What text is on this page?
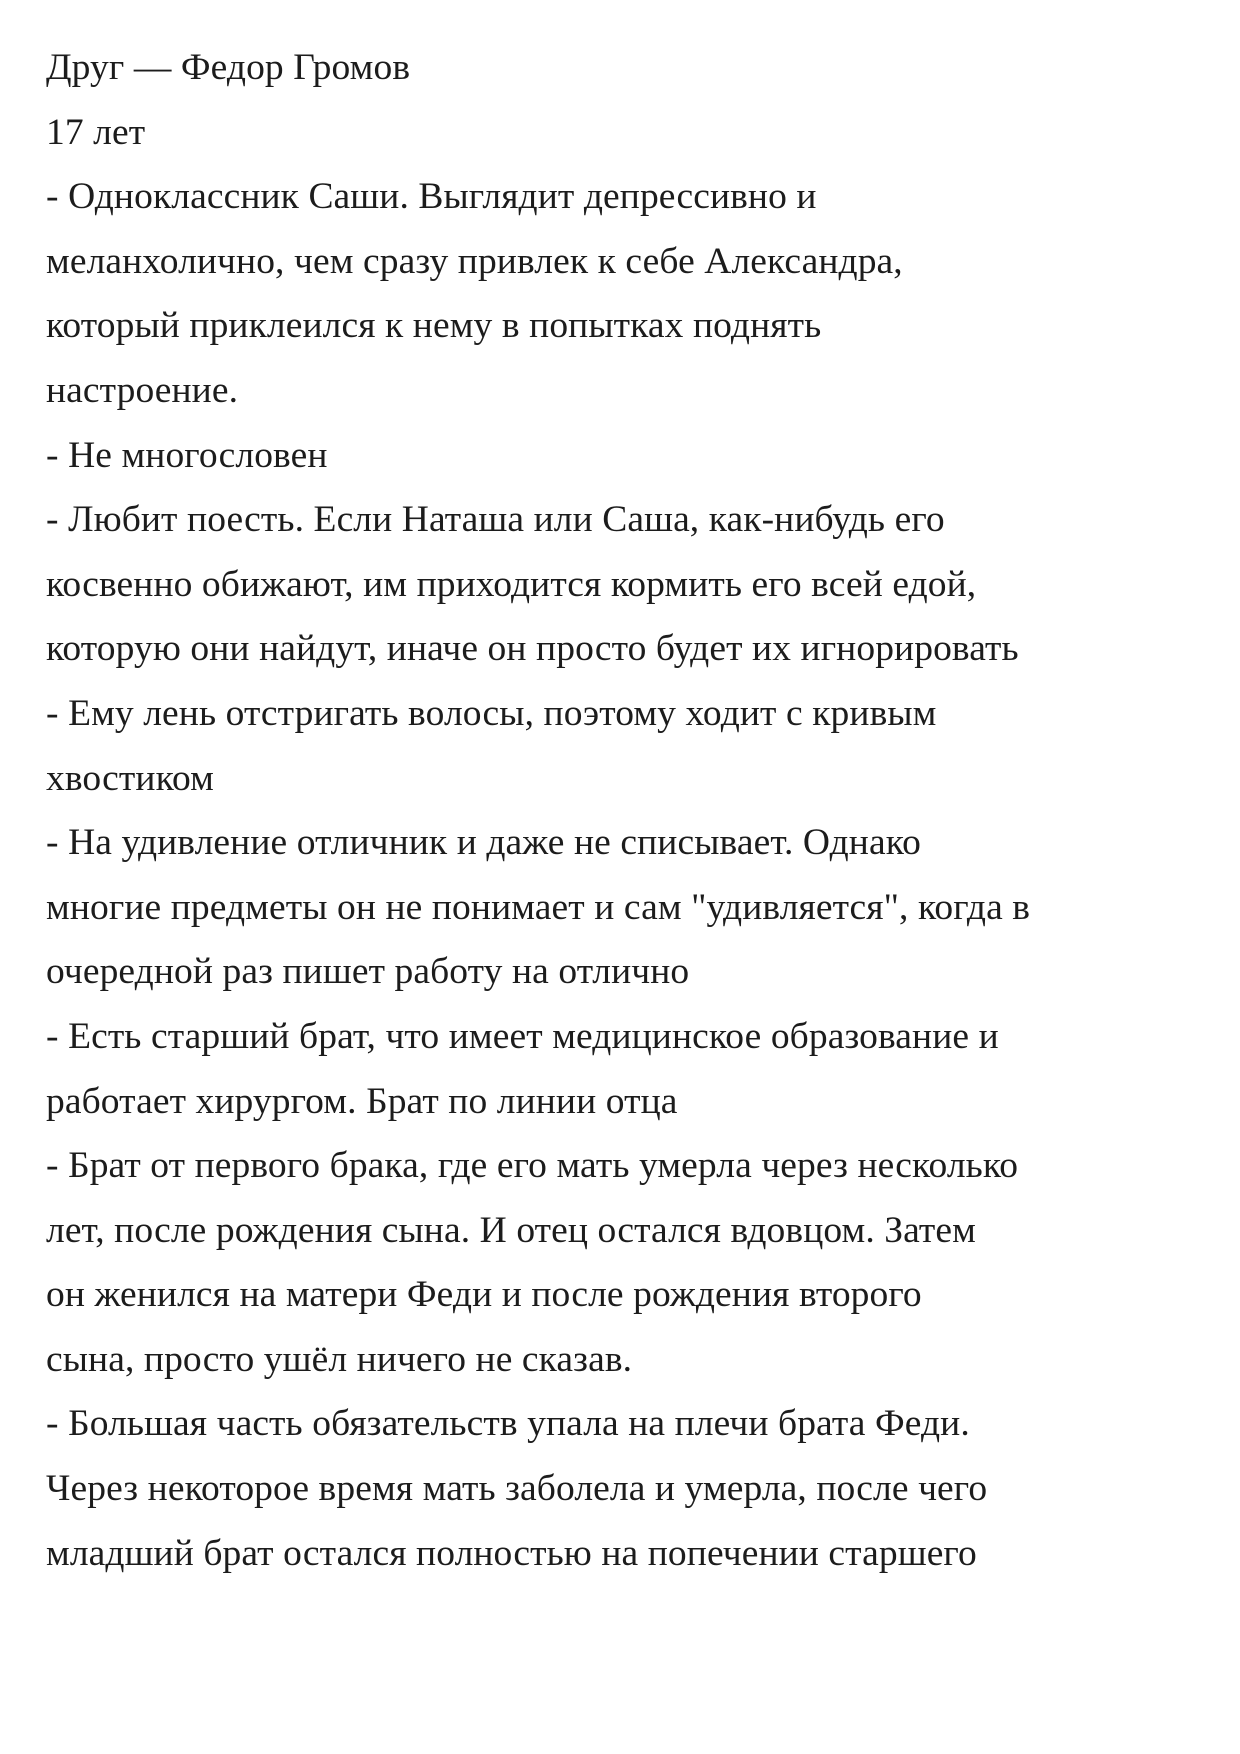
Друг — Федор Громов
17 лет
- Одноклассник Саши. Выглядит депрессивно и
меланхолично, чем сразу привлек к себе Александра,
который приклеился к нему в попытках поднять
настроение.
- Не многословен
- Любит поесть. Если Наташа или Саша, как-нибудь его
косвенно обижают, им приходится кормить его всей едой,
которую они найдут, иначе он просто будет их игнорировать
- Ему лень отстригать волосы, поэтому ходит с кривым
хвостиком
- На удивление отличник и даже не списывает. Однако
многие предметы он не понимает и сам "удивляется", когда в
очередной раз пишет работу на отлично
- Есть старший брат, что имеет медицинское образование и
работает хирургом. Брат по линии отца
- Брат от первого брака, где его мать умерла через несколько
лет, после рождения сына. И отец остался вдовцом. Затем
он женился на матери Феди и после рождения второго
сына, просто ушёл ничего не сказав.
- Большая часть обязательств упала на плечи брата Феди.
Через некоторое время мать заболела и умерла, после чего
младший брат остался полностью на попечении старшего
